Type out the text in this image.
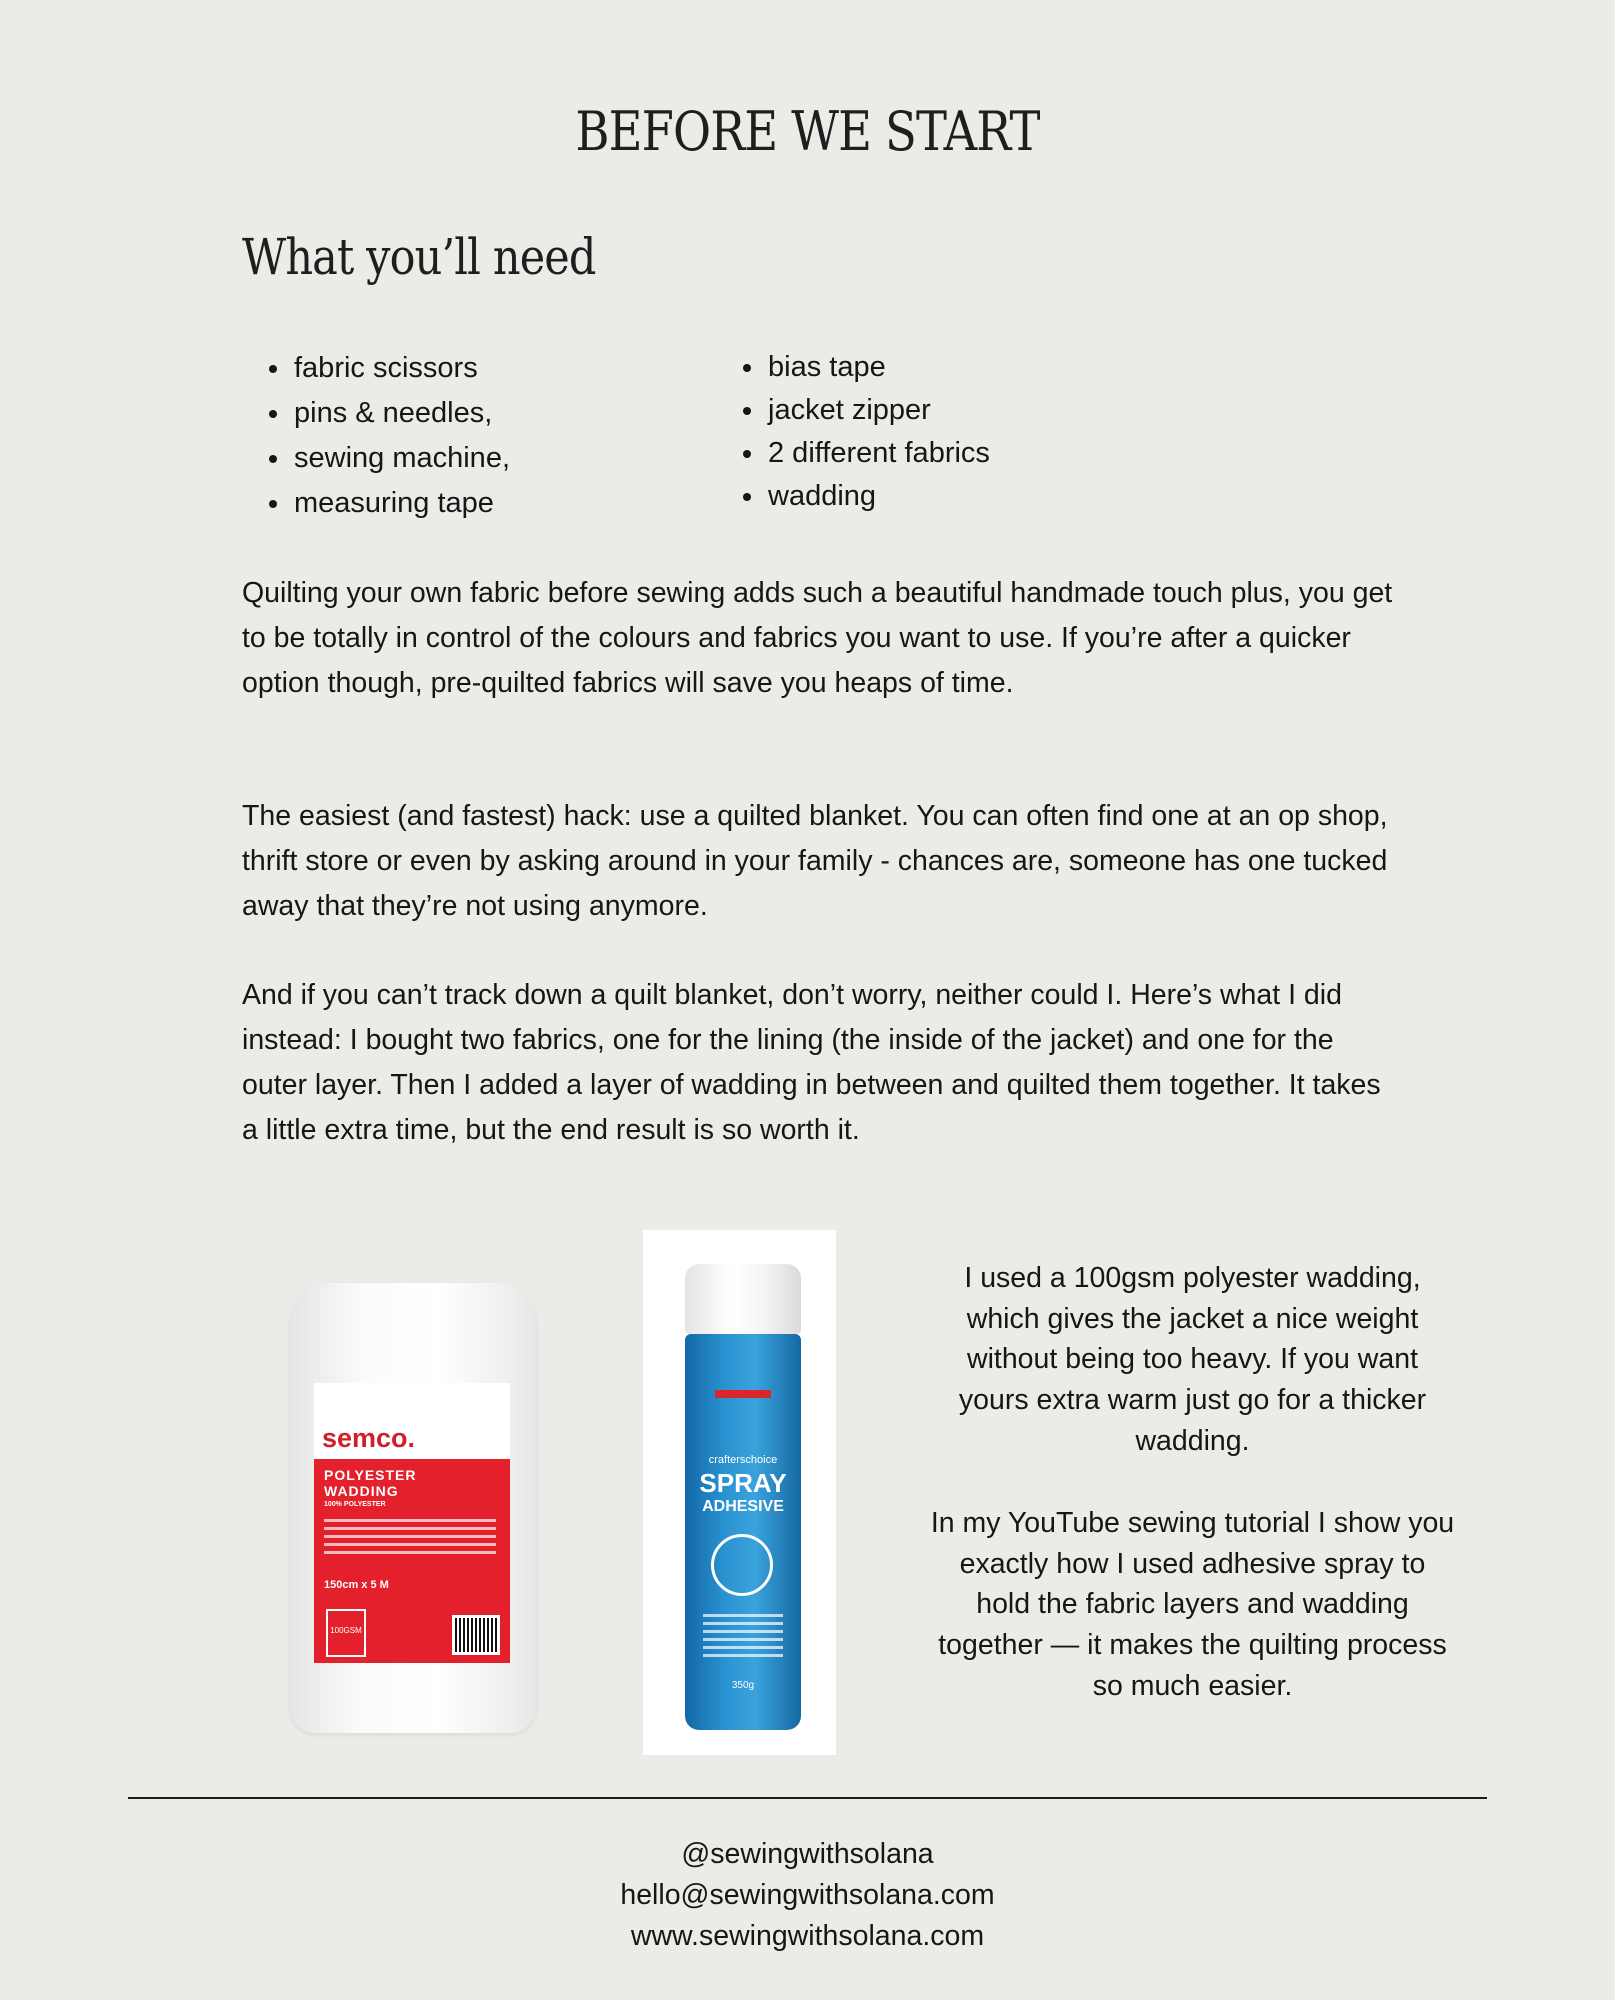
BEFORE WE START
What you’ll need
• fabric scissors
• pins & needles,
• sewing machine,
• measuring tape
• bias tape
• jacket zipper
• 2 different fabrics
• wadding

Quilting your own fabric before sewing adds such a beautiful handmade touch plus, you get to be totally in control of the colours and fabrics you want to use. If you’re after a quicker option though, pre-quilted fabrics will save you heaps of time.

The easiest (and fastest) hack: use a quilted blanket. You can often find one at an op shop, thrift store or even by asking around in your family - chances are, someone has one tucked away that they’re not using anymore.

And if you can’t track down a quilt blanket, don’t worry, neither could I. Here’s what I did instead: I bought two fabrics, one for the lining (the inside of the jacket) and one for the outer layer. Then I added a layer of wadding in between and quilted them together. It takes a little extra time, but the end result is so worth it.

semco.
POLYESTER
WADDING
100% POLYESTER
150cm x 5 M
100GSM
crafterschoice
SPRAY
ADHESIVE
350g

I used a 100gsm polyester wadding, which gives the jacket a nice weight without being too heavy. If you want yours extra warm just go for a thicker wadding.

In my YouTube sewing tutorial I show you exactly how I used adhesive spray to hold the fabric layers and wadding together — it makes the quilting process so much easier.

@sewingwithsolana
hello@sewingwithsolana.com
www.sewingwithsolana.com
